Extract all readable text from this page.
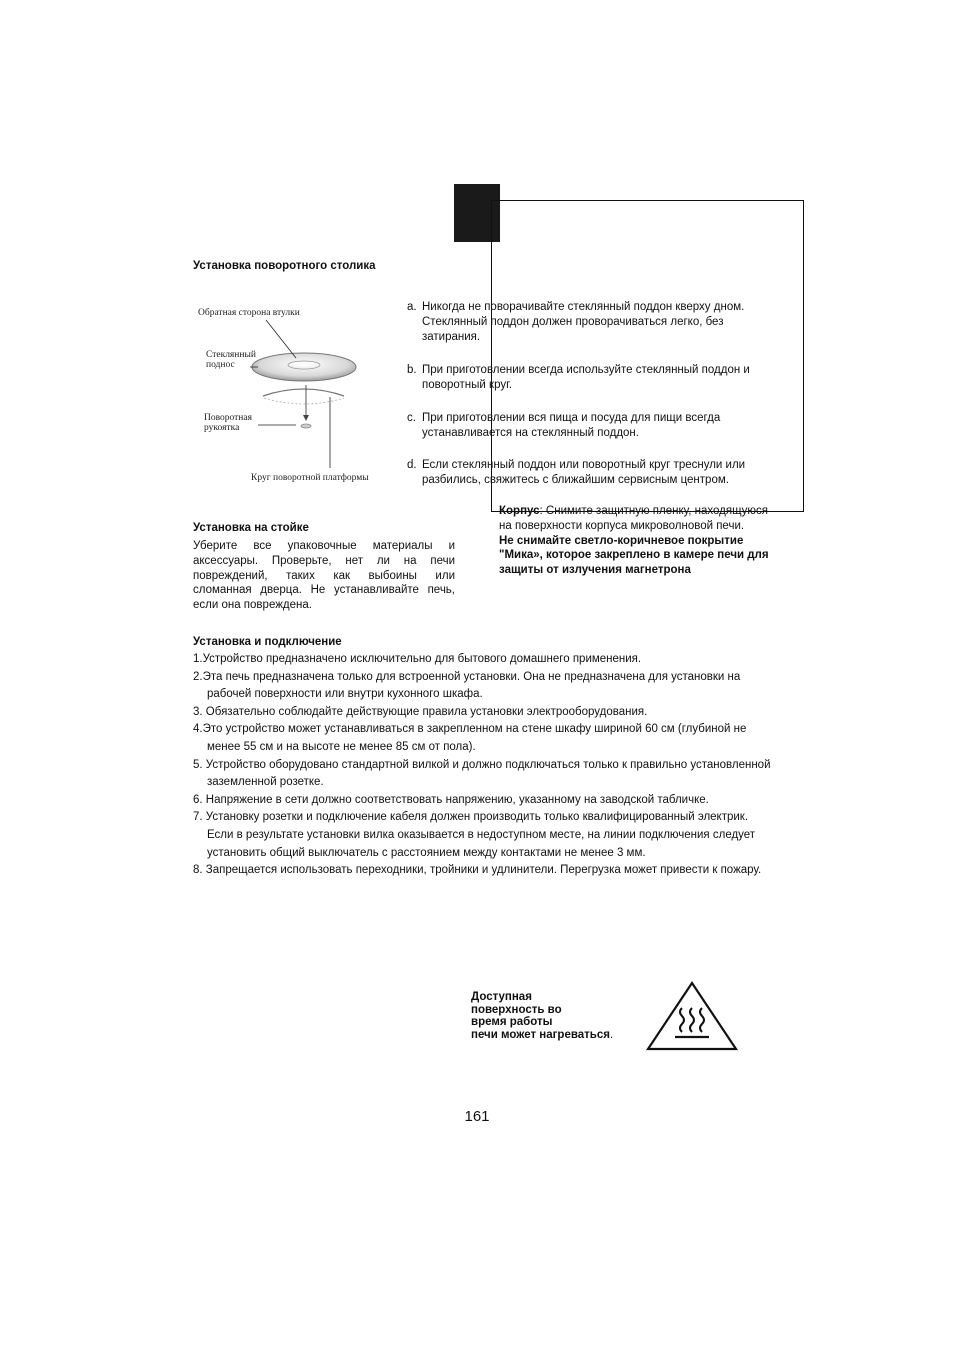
Установка поворотного столика
Обратная сторона втулки
Стеклянный
поднос
Поворотная
рукоятка
Круг поворотной платформы
a. Никогда не поворачивайте стеклянный поддон кверху дном. Стеклянный поддон должен проворачиваться легко, без затирания.
b. При приготовлении всегда используйте стеклянный поддон и поворотный круг.
c. При приготовлении вся пища и посуда для пищи всегда устанавливается на стеклянный поддон.
d. Если стеклянный поддон или поворотный круг треснули или разбились, свяжитесь с ближайшим сервисным центром.
Установка на стойке
Уберите все упаковочные материалы и аксессуары. Проверьте, нет ли на печи повреждений, таких как выбоины или сломанная дверца. Не устанавливайте печь, если она повреждена.
Корпус: Снимите защитную пленку, находящуюся на поверхности корпуса микроволновой печи.
Не снимайте светло-коричневое покрытие "Мика», которое закреплено в камере печи для защиты от излучения магнетрона
Установка и подключение
1.Устройство предназначено исключительно для бытового домашнего применения.
2.Эта печь предназначена только для встроенной установки. Она не предназначена для установки на рабочей поверхности или внутри кухонного шкафа.
3. Обязательно соблюдайте действующие правила установки электрооборудования.
4.Это устройство может устанавливаться в закрепленном на стене шкафу шириной 60 см (глубиной не менее 55 см и на высоте не менее 85 см от пола).
5. Устройство оборудовано стандартной вилкой и должно подключаться только к правильно установленной заземленной розетке.
6. Напряжение в сети должно соответствовать напряжению, указанному на заводской табличке.
7. Установку розетки и подключение кабеля должен производить только квалифицированный электрик. Если в результате установки вилка оказывается в недоступном месте, на линии подключения следует установить общий выключатель с расстоянием между контактами не менее 3 мм.
8. Запрещается использовать переходники, тройники и удлинители. Перегрузка может привести к пожару.
Доступная
поверхность во
время работы
печи может нагреваться.
161
